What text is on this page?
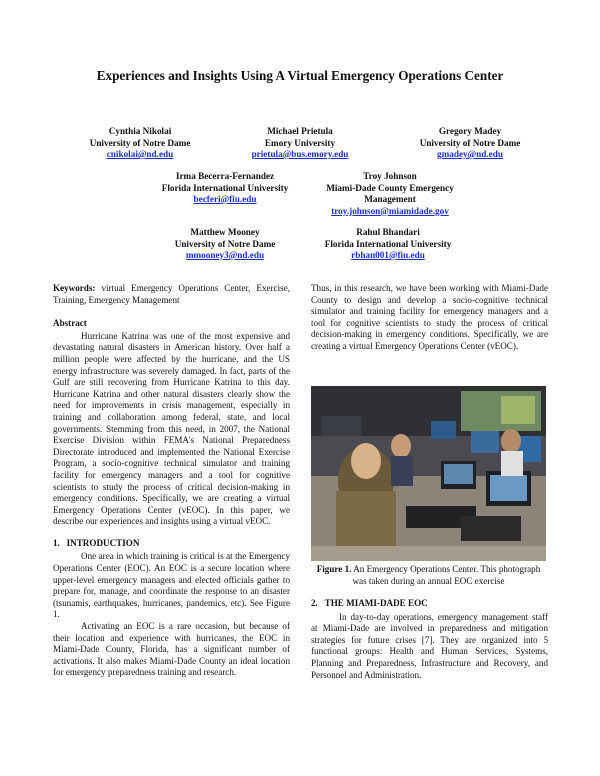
Experiences and Insights Using A Virtual Emergency Operations Center
Cynthia Nikolai
University of Notre Dame
cnikolai@nd.edu
Michael Prietula
Emory University
prietula@bus.emory.edu
Gregory Madey
University of Notre Dame
gmadey@nd.edu
Irma Becerra-Fernandez
Florida International University
becferi@fiu.edu
Troy Johnson
Miami-Dade County Emergency Management
troy.johnson@miamidade.gov
Matthew Mooney
University of Notre Dame
mmooney3@nd.edu
Rahul Bhandari
Florida International University
rbhan001@fiu.edu

Keywords: virtual Emergency Operations Center, Exercise, Training, Emergency Management

Abstract

Hurricane Katrina was one of the most expensive and devastating natural disasters in American history. Over half a million people were affected by the hurricane, and the US energy infrastructure was severely damaged. In fact, parts of the Gulf are still recovering from Hurricane Katrina to this day. Hurricane Katrina and other natural disasters clearly show the need for improvements in crisis management, especially in training and collaboration among federal, state, and local governments. Stemming from this need, in 2007, the National Exercise Division within FEMA's National Preparedness Directorate introduced and implemented the National Exercise Program, a socio-cognitive technical simulator and training facility for emergency managers and a tool for cognitive scientists to study the process of critical decision-making in emergency conditions. Specifically, we are creating a virtual Emergency Operations Center (vEOC). In this paper, we describe our experiences and insights using a virtual vEOC.

1.   INTRODUCTION

One area in which training is critical is at the Emergency Operations Center (EOC). An EOC is a secure location where upper-level emergency managers and elected officials gather to prepare for, manage, and coordinate the response to an disaster (tsunamis, earthquakes, hurricanes, pandemics, etc). See Figure 1.

Activating an EOC is a rare occasion, but because of their location and experience with hurricanes, the EOC in Miami-Dade County, Florida, has a significant number of activations. It also makes Miami-Dade County an ideal location for emergency preparedness training and research.

Thus, in this research, we have been working with Miami-Dade County to design and develop a socio-cognitive technical simulator and training facility for emergency managers and a tool for cognitive scientists to study the process of critical decision-making in emergency conditions. Specifically, we are creating a virtual Emergency Operations Center (vEOC).

Figure 1. An Emergency Operations Center. This photograph was taken during an annual EOC exercise

2.   THE MIAMI-DADE EOC

In day-to-day operations, emergency management staff at Miami-Dade are involved in preparedness and mitigation strategies for future crises [7]. They are organized into 5 functional groups: Health and Human Services, Systems, Planning and Preparedness, Infrastructure and Recovery, and Personnel and Administration.
